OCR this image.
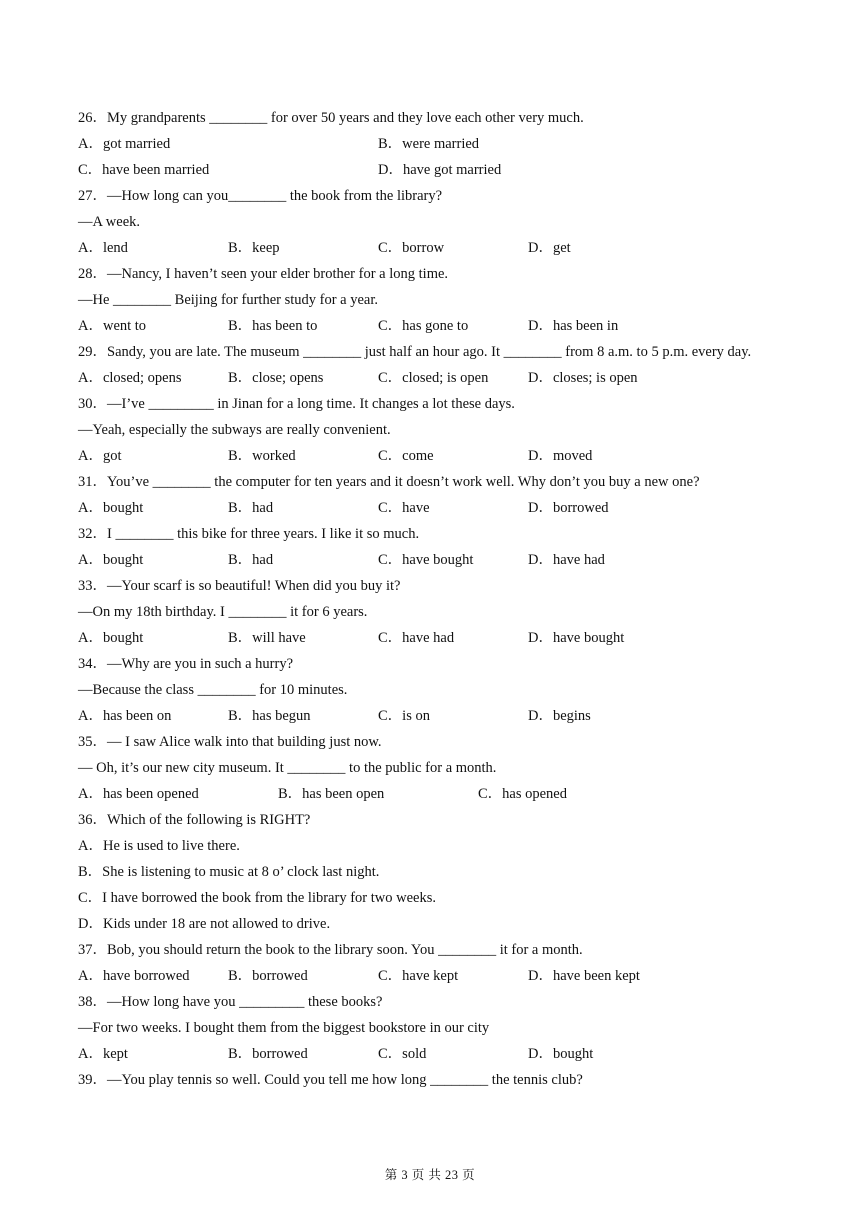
26．My grandparents ________ for over 50 years and they love each other very much.
A．got married	B．were married
C．have been married	D．have got married
27．—How long can you________ the book from the library?
—A week.
A．lend	B．keep	C．borrow	D．get
28．—Nancy, I haven’t seen your elder brother for a long time.
—He ________ Beijing for further study for a year.
A．went to	B．has been to	C．has gone to	D．has been in
29．Sandy, you are late. The museum ________ just half an hour ago. It ________ from 8 a.m. to 5 p.m. every day.
A．closed; opens	B．close; opens	C．closed; is open	D．closes; is open
30．—I’ve _________ in Jinan for a long time. It changes a lot these days.
—Yeah, especially the subways are really convenient.
A．got	B．worked	C．come	D．moved
31．You’ve ________ the computer for ten years and it doesn’t work well. Why don’t you buy a new one?
A．bought	B．had	C．have	D．borrowed
32．I ________ this bike for three years. I like it so much.
A．bought	B．had	C．have bought	D．have had
33．—Your scarf is so beautiful! When did you buy it?
—On my 18th birthday. I ________ it for 6 years.
A．bought	B．will have	C．have had	D．have bought
34．—Why are you in such a hurry?
—Because the class ________ for 10 minutes.
A．has been on	B．has begun	C．is on	D．begins
35．— I saw Alice walk into that building just now.
— Oh, it’s our new city museum. It ________ to the public for a month.
A．has been opened	B．has been open	C．has opened
36．Which of the following is RIGHT?
A．He is used to live there.
B．She is listening to music at 8 o’ clock last night.
C．I have borrowed the book from the library for two weeks.
D．Kids under 18 are not allowed to drive.
37．Bob, you should return the book to the library soon. You ________ it for a month.
A．have borrowed	B．borrowed	C．have kept	D．have been kept
38．—How long have you _________ these books?
—For two weeks. I bought them from the biggest bookstore in our city
A．kept	B．borrowed	C．sold	D．bought
39．—You play tennis so well. Could you tell me how long ________ the tennis club?
第 3 页 共 23 页
